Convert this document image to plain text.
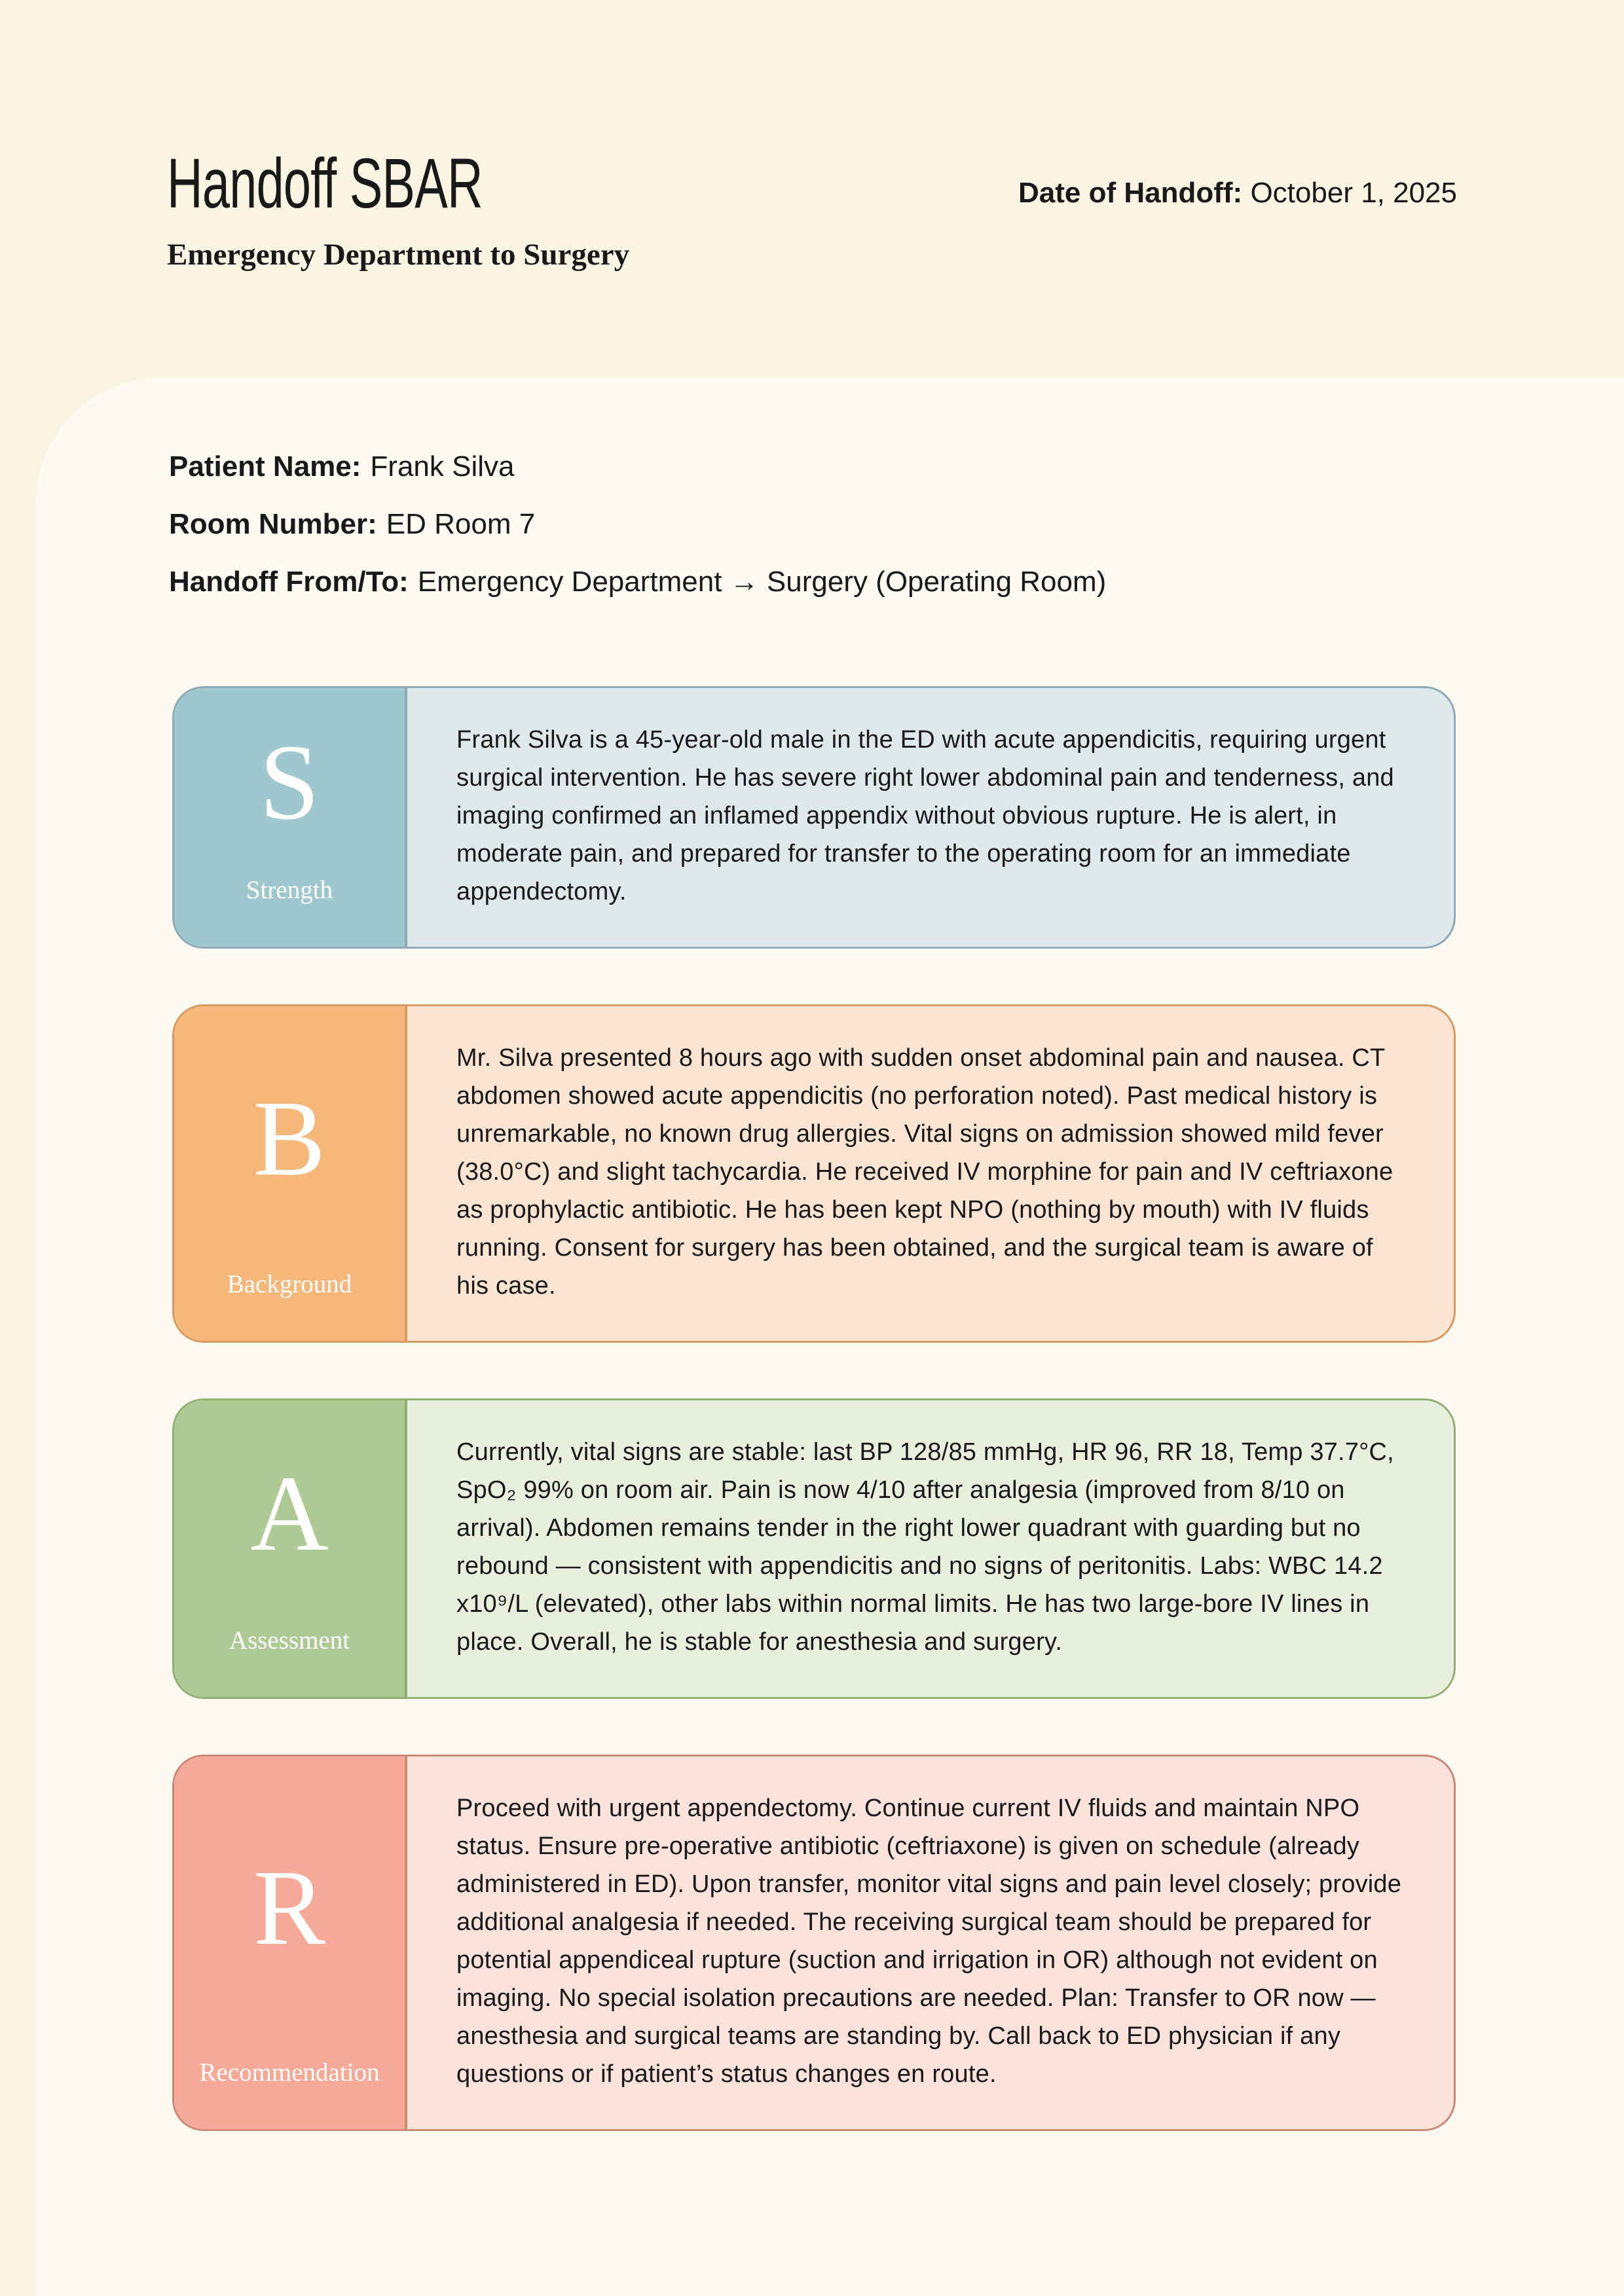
Handoff SBAR	Date of Handoff: October 1, 2025
Emergency Department to Surgery
Patient Name: Frank Silva
Room Number: ED Room 7
Handoff From/To: Emergency Department → Surgery (Operating Room)
S
Strength
Frank Silva is a 45-year-old male in the ED with acute appendicitis, requiring urgent surgical intervention. He has severe right lower abdominal pain and tenderness, and imaging confirmed an inflamed appendix without obvious rupture. He is alert, in moderate pain, and prepared for transfer to the operating room for an immediate appendectomy.
B
Background
Mr. Silva presented 8 hours ago with sudden onset abdominal pain and nausea. CT abdomen showed acute appendicitis (no perforation noted). Past medical history is unremarkable, no known drug allergies. Vital signs on admission showed mild fever (38.0°C) and slight tachycardia. He received IV morphine for pain and IV ceftriaxone as prophylactic antibiotic. He has been kept NPO (nothing by mouth) with IV fluids running. Consent for surgery has been obtained, and the surgical team is aware of his case.
A
Assessment
Currently, vital signs are stable: last BP 128/85 mmHg, HR 96, RR 18, Temp 37.7°C, SpO₂ 99% on room air. Pain is now 4/10 after analgesia (improved from 8/10 on arrival). Abdomen remains tender in the right lower quadrant with guarding but no rebound — consistent with appendicitis and no signs of peritonitis. Labs: WBC 14.2 x10⁹/L (elevated), other labs within normal limits. He has two large-bore IV lines in place. Overall, he is stable for anesthesia and surgery.
R
Recommendation
Proceed with urgent appendectomy. Continue current IV fluids and maintain NPO status. Ensure pre-operative antibiotic (ceftriaxone) is given on schedule (already administered in ED). Upon transfer, monitor vital signs and pain level closely; provide additional analgesia if needed. The receiving surgical team should be prepared for potential appendiceal rupture (suction and irrigation in OR) although not evident on imaging. No special isolation precautions are needed. Plan: Transfer to OR now — anesthesia and surgical teams are standing by. Call back to ED physician if any questions or if patient’s status changes en route.
